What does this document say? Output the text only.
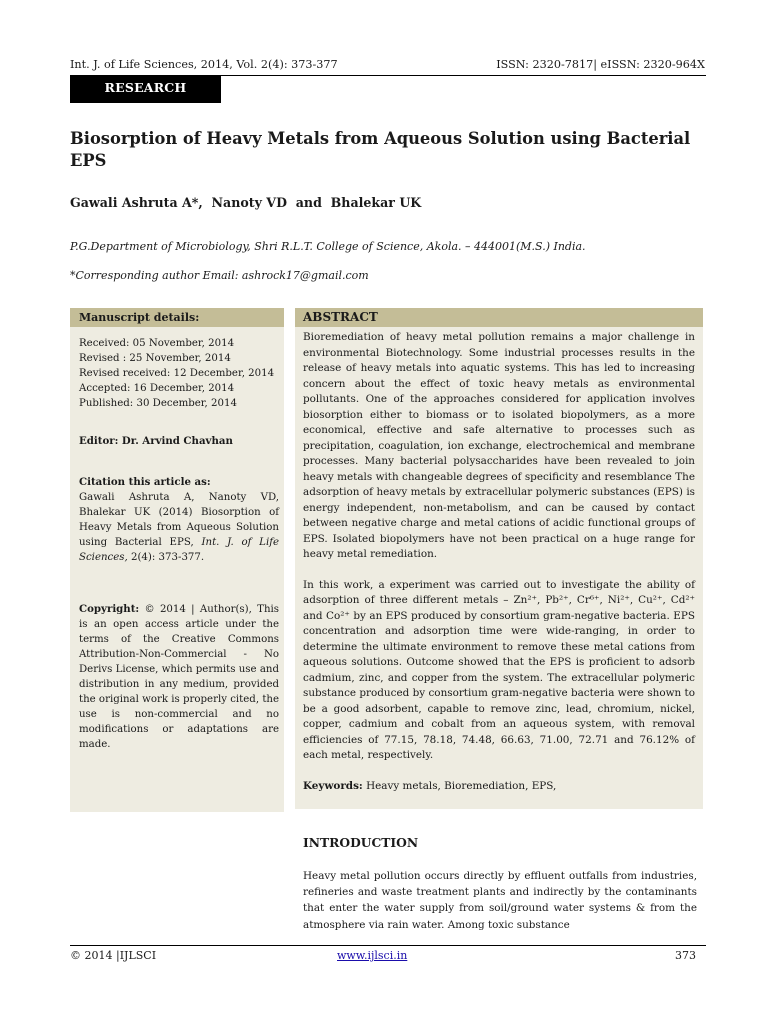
Int. J. of Life Sciences, 2014, Vol. 2(4): 373-377	ISSN: 2320-7817| eISSN: 2320-964X
RESEARCH ARTICLE
Biosorption of Heavy Metals from Aqueous Solution using Bacterial EPS
Gawali Ashruta A*,  Nanoty VD  and  Bhalekar UK
P.G.Department of Microbiology, Shri R.L.T. College of Science, Akola. – 444001(M.S.) India.
*Corresponding author Email: ashrock17@gmail.com
Manuscript details:
Received: 05 November, 2014
Revised : 25 November, 2014
Revised received: 12 December, 2014
Accepted: 16 December, 2014
Published: 30 December, 2014
Editor: Dr. Arvind Chavhan
Citation this article as:
Gawali Ashruta A, Nanoty VD, Bhalekar UK (2014) Biosorption of Heavy Metals from Aqueous Solution using Bacterial EPS, Int. J. of Life Sciences, 2(4): 373-377.
Copyright: © 2014 | Author(s), This is an open access article under the terms of the Creative Commons Attribution-Non-Commercial - No Derivs License, which permits use and distribution in any medium, provided the original work is properly cited, the use is non-commercial and no modifications or adaptations are made.
ABSTRACT

Bioremediation of heavy metal pollution remains a major challenge in environmental Biotechnology. Some industrial processes results in the release of heavy metals into aquatic systems. This has led to increasing concern about the effect of toxic heavy metals as environmental pollutants. One of the approaches considered for application involves biosorption either to biomass or to isolated biopolymers, as a more economical, effective and safe alternative to processes such as precipitation, coagulation, ion exchange, electrochemical and membrane processes. Many bacterial polysaccharides have been revealed to join heavy metals with changeable degrees of specificity and resemblance The adsorption of heavy metals by extracellular polymeric substances (EPS) is energy independent, non-metabolism, and can be caused by contact between negative charge and metal cations of acidic functional groups of EPS. Isolated biopolymers have not been practical on a huge range for heavy metal remediation.

In this work, a experiment was carried out to investigate the ability of adsorption of three different metals – Zn²⁺, Pb²⁺, Cr⁶⁺, Ni²⁺, Cu²⁺, Cd²⁺ and Co²⁺ by an EPS produced by consortium gram-negative bacteria. EPS concentration and adsorption time were wide-ranging, in order to determine the ultimate environment to remove these metal cations from aqueous solutions. Outcome showed that the EPS is proficient to adsorb cadmium, zinc, and copper from the system. The extracellular polymeric substance produced by consortium gram-negative bacteria were shown to be a good adsorbent, capable to remove zinc, lead, chromium, nickel, copper, cadmium and cobalt from an aqueous system, with removal efficiencies of 77.15, 78.18, 74.48, 66.63, 71.00, 72.71 and 76.12% of each metal, respectively.

Keywords: Heavy metals, Bioremediation, EPS,
INTRODUCTION
Heavy metal pollution occurs directly by effluent outfalls from industries, refineries and waste treatment plants and indirectly by the contaminants that enter the water supply from soil/ground water systems & from the atmosphere via rain water. Among toxic substance
© 2014 |IJLSCI	www.ijlsci.in	373
